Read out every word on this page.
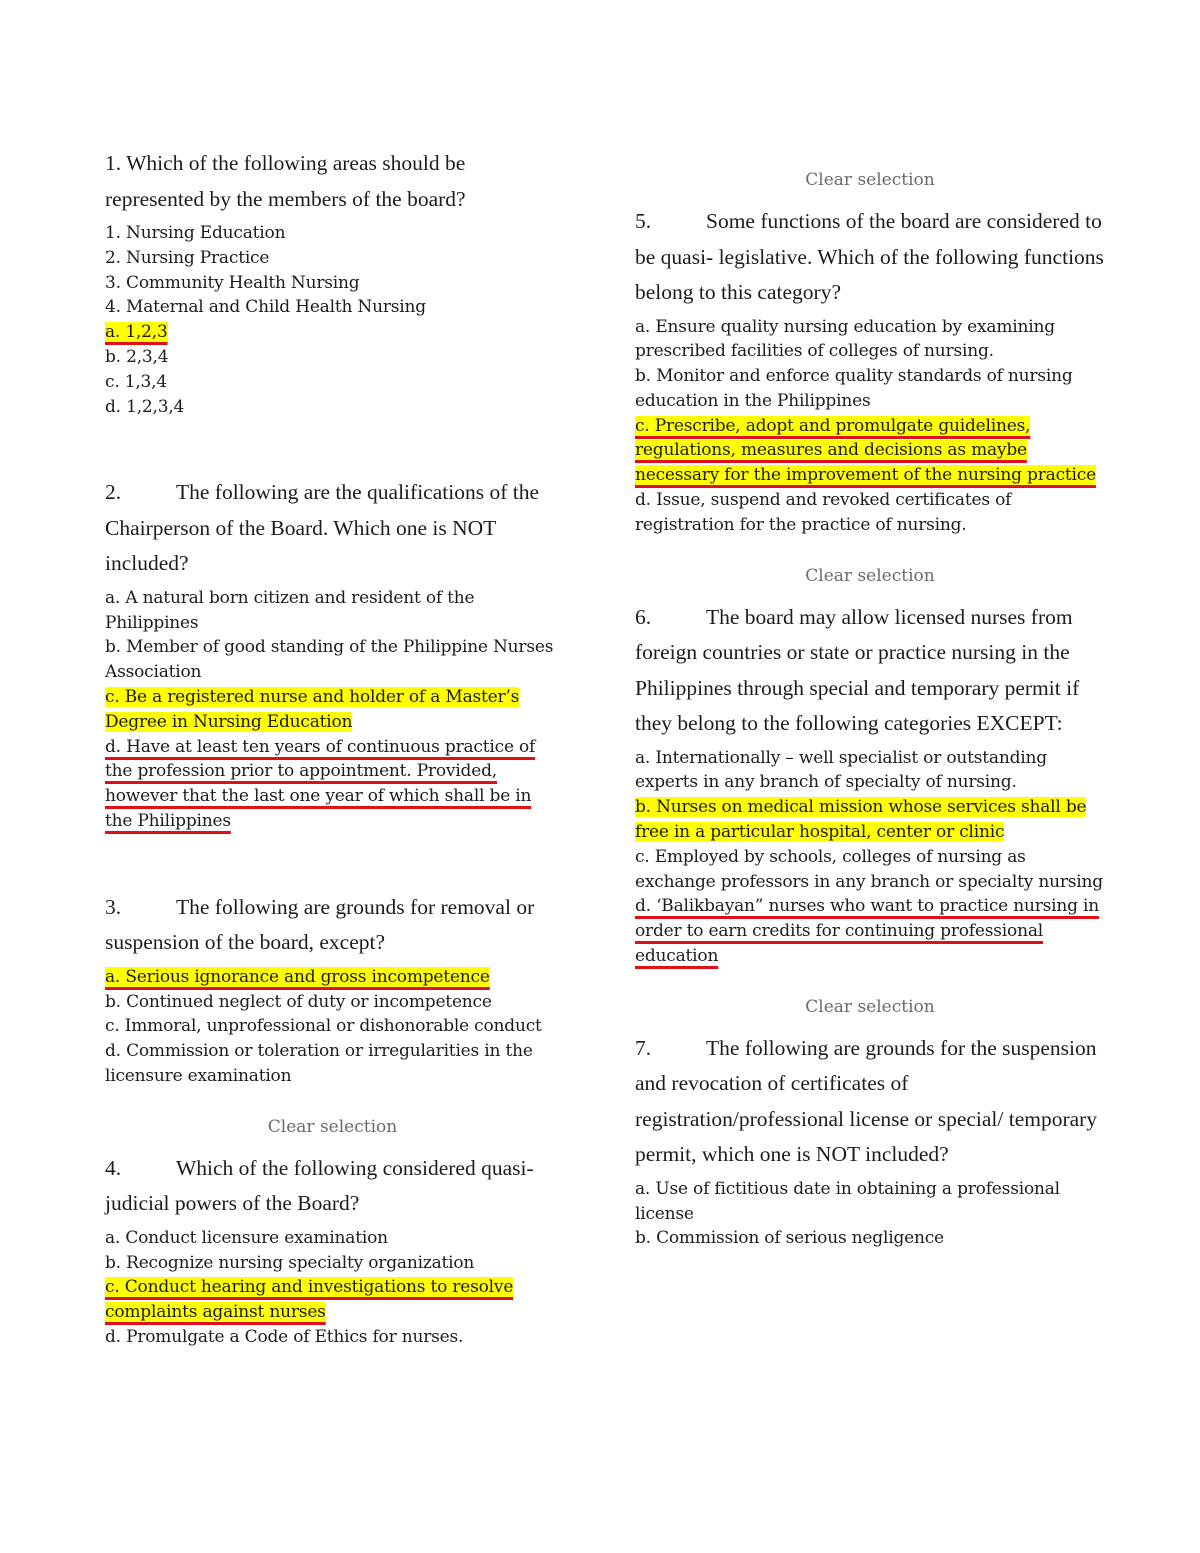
1. Which of the following areas should be represented by the members of the board?

1. Nursing Education

2. Nursing Practice

3. Community Health Nursing

4. Maternal and Child Health Nursing

a. 1,2,3

b. 2,3,4

c. 1,3,4

d. 1,2,3,4

2.	The following are the qualifications of the Chairperson of the Board. Which one is NOT included?

a. A natural born citizen and resident of the Philippines

b. Member of good standing of the Philippine Nurses Association

c. Be a registered nurse and holder of a Master’s Degree in Nursing Education

d. Have at least ten years of continuous practice of the profession prior to appointment. Provided, however that the last one year of which shall be in the Philippines

3.	The following are grounds for removal or suspension of the board, except?

a. Serious ignorance and gross incompetence

b. Continued neglect of duty or incompetence

c. Immoral, unprofessional or dishonorable conduct

d. Commission or toleration or irregularities in the licensure examination

Clear selection

4.	Which of the following considered quasi- judicial powers of the Board?

a. Conduct licensure examination

b. Recognize nursing specialty organization

c. Conduct hearing and investigations to resolve complaints against nurses

d. Promulgate a Code of Ethics for nurses.

Clear selection

5.	Some functions of the board are considered to be quasi- legislative. Which of the following functions belong to this category?

a. Ensure quality nursing education by examining prescribed facilities of colleges of nursing.

b. Monitor and enforce quality standards of nursing education in the Philippines

c. Prescribe, adopt and promulgate guidelines, regulations, measures and decisions as maybe necessary for the improvement of the nursing practice

d. Issue, suspend and revoked certificates of registration for the practice of nursing.

Clear selection

6.	The board may allow licensed nurses from foreign countries or state or practice nursing in the Philippines through special and temporary permit if they belong to the following categories EXCEPT:

a. Internationally – well specialist or outstanding experts in any branch of specialty of nursing.

b. Nurses on medical mission whose services shall be free in a particular hospital, center or clinic

c. Employed by schools, colleges of nursing as exchange professors in any branch or specialty nursing

d. ‘Balikbayan” nurses who want to practice nursing in order to earn credits for continuing professional education

Clear selection

7.	The following are grounds for the suspension and revocation of certificates of registration/professional license or special/ temporary permit, which one is NOT included?

a. Use of fictitious date in obtaining a professional license

b. Commission of serious negligence
